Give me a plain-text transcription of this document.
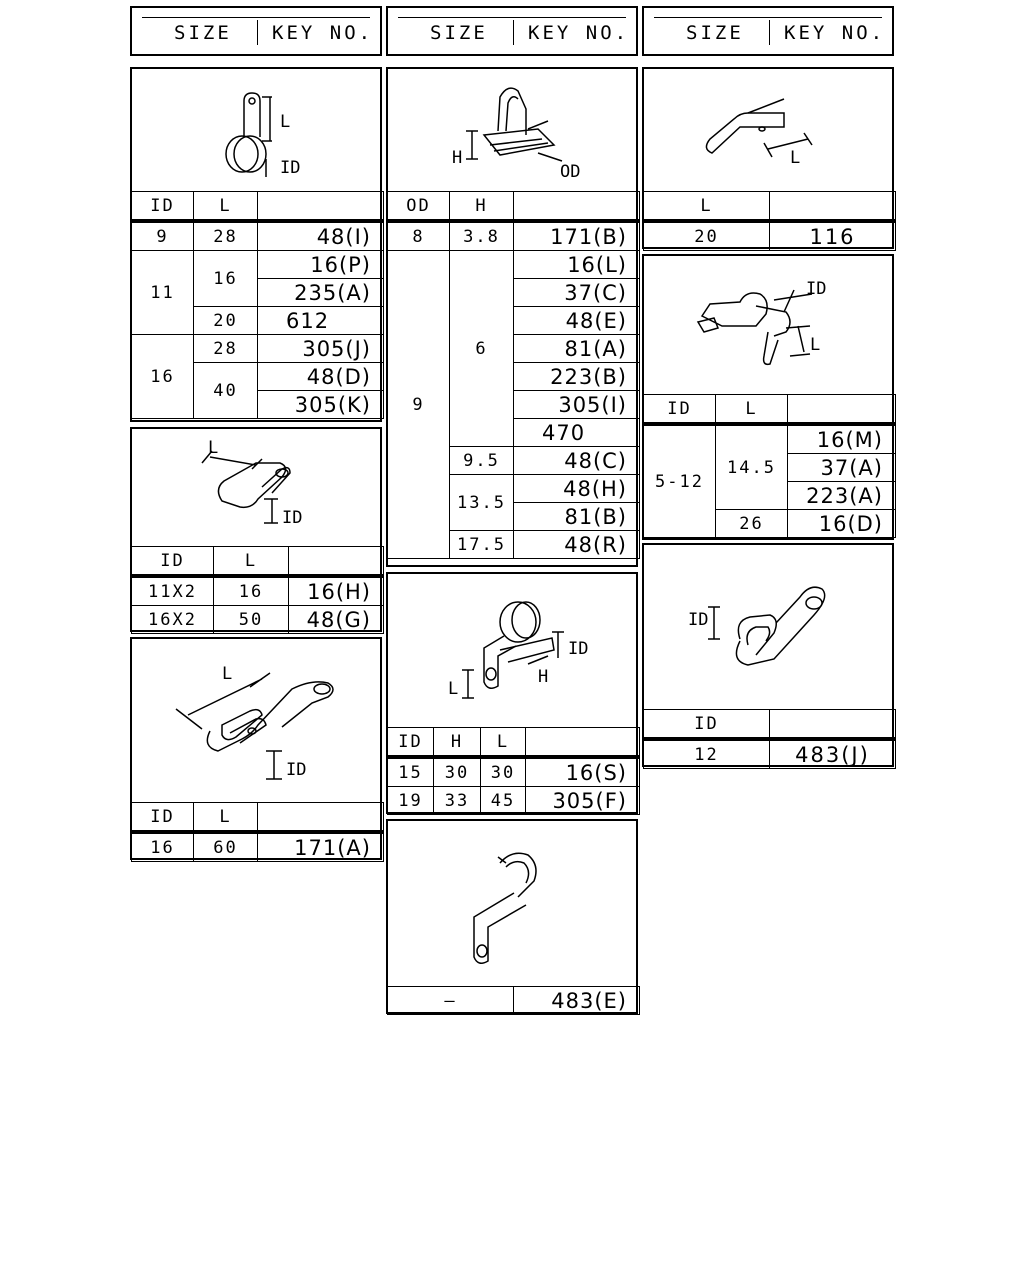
SIZE KEY NO.	SIZE KEY NO.	SIZE KEY NO.
L
ID
ID	L	
9	28	48(I)
11	16	16(P)
		235(A)
	20	612
16	28	305(J)
	40	48(D)
		305(K)
L
ID
ID	L	
11X2	16	16(H)
16X2	50	48(G)
L
ID
ID	L	
16	60	171(A)
H
OD
OD	H	
8	3.8	171(B)
9	6	16(L)
		37(C)
		48(E)
		81(A)
		223(B)
		305(I)
		470
	9.5	48(C)
	13.5	48(H)
		81(B)
	17.5	48(R)
L
H
ID
ID	H	L	
15	30	30	16(S)
19	33	45	305(F)
—	483(E)
L
L	
20	116
ID
L
ID	L	
5-12	14.5	16(M)
		37(A)
		223(A)
	26	16(D)
ID
ID	
12	483(J)
